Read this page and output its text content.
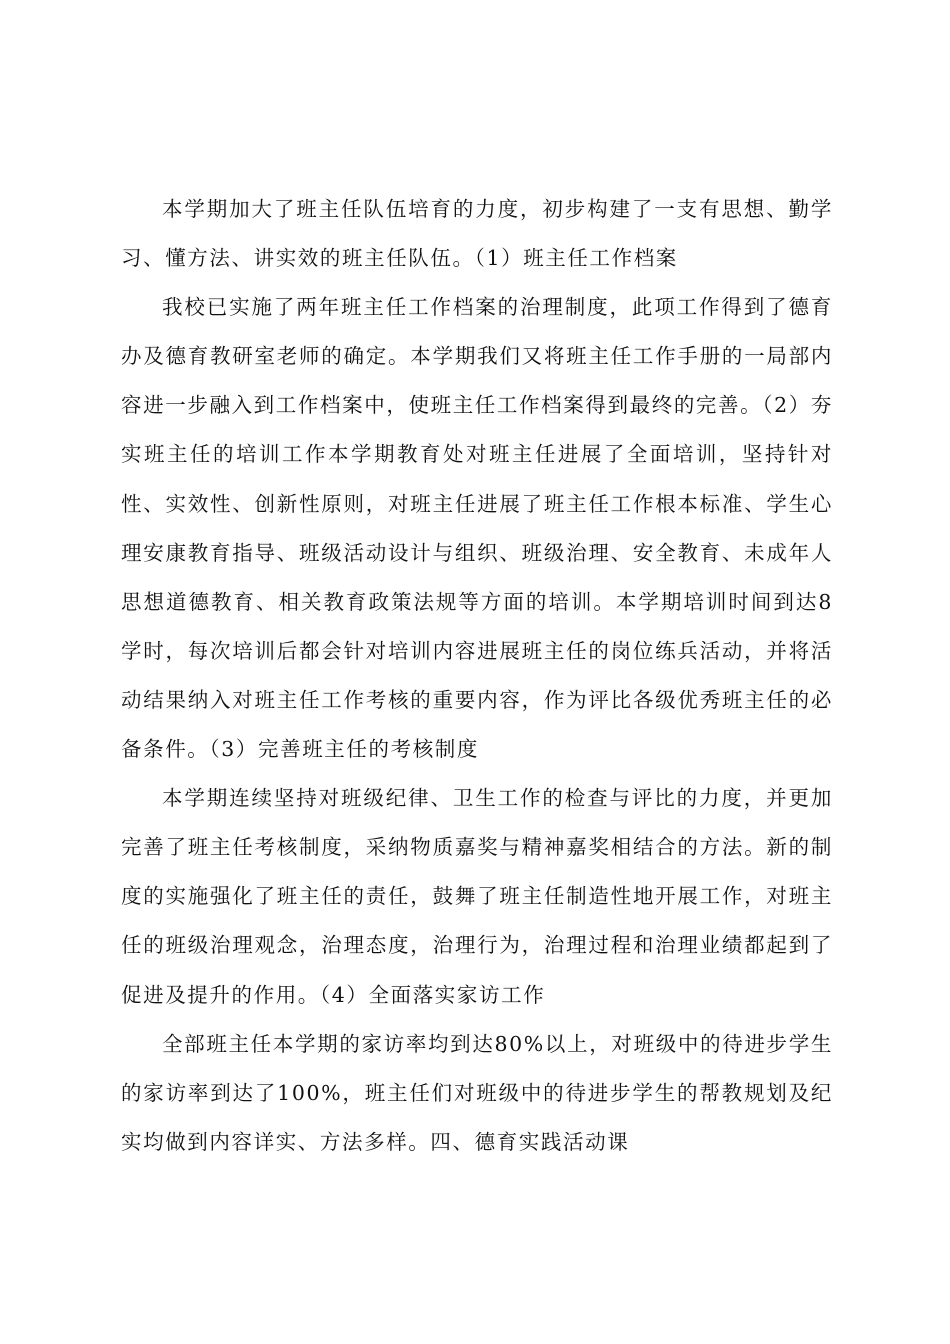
本学期加大了班主任队伍培育的力度，初步构建了一支有思想、勤学习、懂方法、讲实效的班主任队伍。（1）班主任工作档案

我校已实施了两年班主任工作档案的治理制度，此项工作得到了德育办及德育教研室老师的确定。本学期我们又将班主任工作手册的一局部内容进一步融入到工作档案中，使班主任工作档案得到最终的完善。（2）夯实班主任的培训工作本学期教育处对班主任进展了全面培训，坚持针对性、实效性、创新性原则，对班主任进展了班主任工作根本标准、学生心理安康教育指导、班级活动设计与组织、班级治理、安全教育、未成年人思想道德教育、相关教育政策法规等方面的培训。本学期培训时间到达8学时，每次培训后都会针对培训内容进展班主任的岗位练兵活动，并将活动结果纳入对班主任工作考核的重要内容，作为评比各级优秀班主任的必备条件。（3）完善班主任的考核制度

本学期连续坚持对班级纪律、卫生工作的检查与评比的力度，并更加完善了班主任考核制度，采纳物质嘉奖与精神嘉奖相结合的方法。新的制度的实施强化了班主任的责任，鼓舞了班主任制造性地开展工作，对班主任的班级治理观念，治理态度，治理行为，治理过程和治理业绩都起到了促进及提升的作用。（4）全面落实家访工作

全部班主任本学期的家访率均到达80%以上，对班级中的待进步学生的家访率到达了100%，班主任们对班级中的待进步学生的帮教规划及纪实均做到内容详实、方法多样。四、德育实践活动课
